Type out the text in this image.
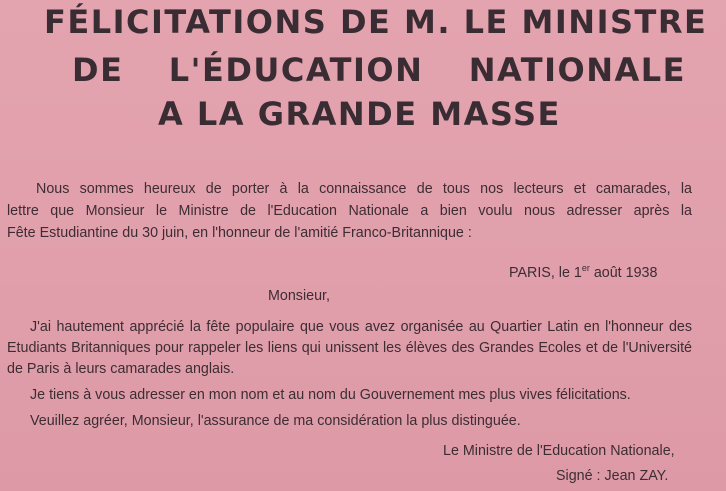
FÉLICITATIONS DE M. LE MINISTRE
DE L'ÉDUCATION NATIONALE
A LA GRANDE MASSE
Nous sommes heureux de porter à la connaissance de tous nos lecteurs et camarades, la
lettre que Monsieur le Ministre de l'Education Nationale a bien voulu nous adresser après la
Fête Estudiantine du 30 juin, en l'honneur de l'amitié Franco-Britannique :
PARIS, le 1er août 1938
Monsieur,
J'ai hautement apprécié la fête populaire que vous avez organisée au Quartier Latin en l'honneur des
Etudiants Britanniques pour rappeler les liens qui unissent les élèves des Grandes Ecoles et de l'Université
de Paris à leurs camarades anglais.
Je tiens à vous adresser en mon nom et au nom du Gouvernement mes plus vives félicitations.
Veuillez agréer, Monsieur, l'assurance de ma considération la plus distinguée.
Le Ministre de l'Education Nationale,
Signé : Jean ZAY.
